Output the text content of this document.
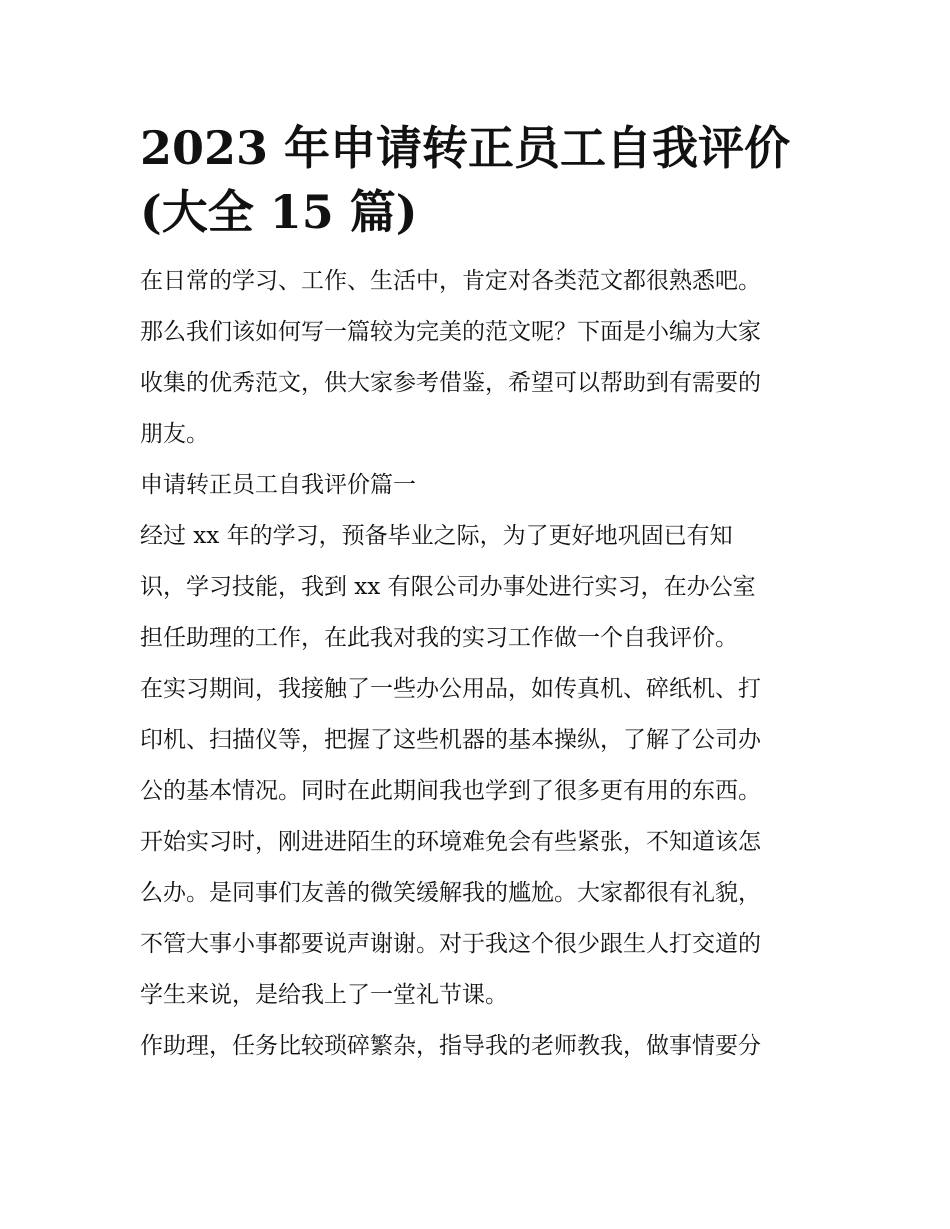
2023 年申请转正员工自我评价
(大全 15 篇)
在日常的学习、工作、生活中，肯定对各类范文都很熟悉吧。
那么我们该如何写一篇较为完美的范文呢？下面是小编为大家
收集的优秀范文，供大家参考借鉴，希望可以帮助到有需要的
朋友。
申请转正员工自我评价篇一
经过 xx 年的学习，预备毕业之际，为了更好地巩固已有知
识，学习技能，我到 xx 有限公司办事处进行实习，在办公室
担任助理的工作，在此我对我的实习工作做一个自我评价。
在实习期间，我接触了一些办公用品，如传真机、碎纸机、打
印机、扫描仪等，把握了这些机器的基本操纵，了解了公司办
公的基本情况。同时在此期间我也学到了很多更有用的东西。
开始实习时，刚进进陌生的环境难免会有些紧张，不知道该怎
么办。是同事们友善的微笑缓解我的尴尬。大家都很有礼貌，
不管大事小事都要说声谢谢。对于我这个很少跟生人打交道的
学生来说，是给我上了一堂礼节课。
作助理，任务比较琐碎繁杂，指导我的老师教我，做事情要分
